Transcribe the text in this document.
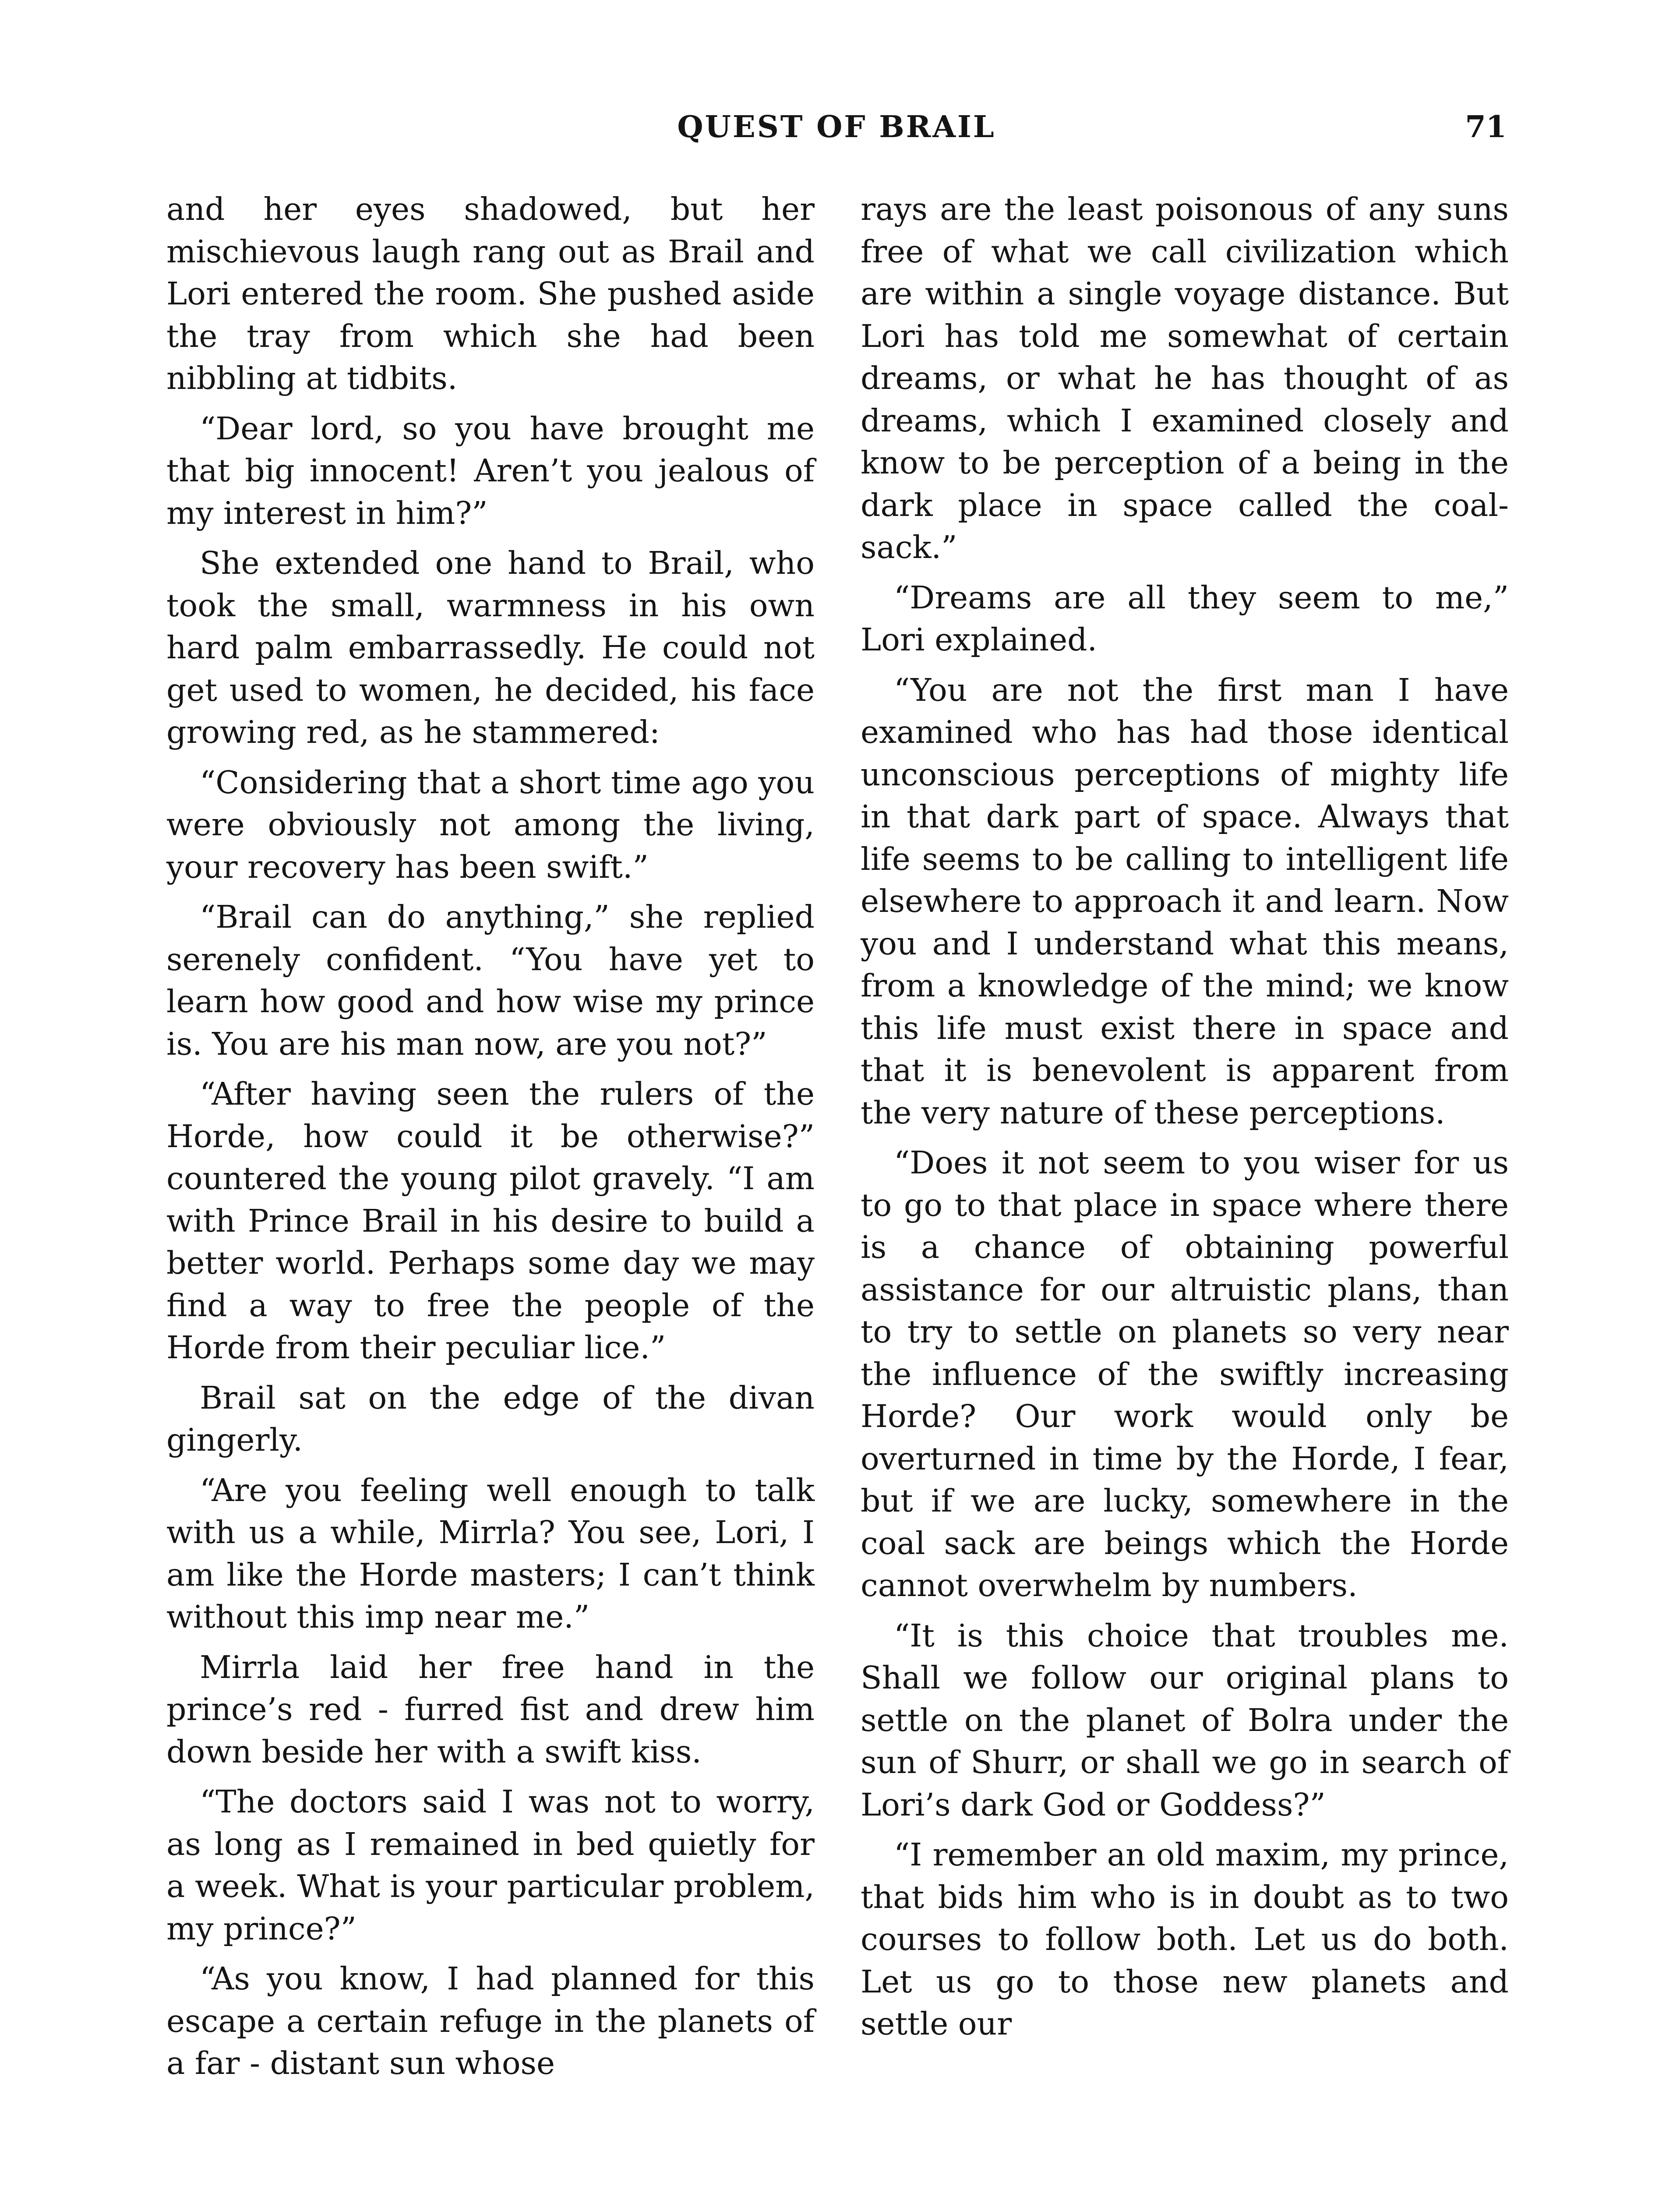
QUEST OF BRAIL	71

and her eyes shadowed, but her mischievous laugh rang out as Brail and Lori entered the room. She pushed aside the tray from which she had been nibbling at tidbits.

“Dear lord, so you have brought me that big innocent! Aren’t you jealous of my interest in him?”

She extended one hand to Brail, who took the small, warmness in his own hard palm embarrassedly. He could not get used to women, he decided, his face growing red, as he stammered:

“Considering that a short time ago you were obviously not among the living, your recovery has been swift.”

“Brail can do anything,” she replied serenely confident. “You have yet to learn how good and how wise my prince is. You are his man now, are you not?”

“After having seen the rulers of the Horde, how could it be otherwise?” countered the young pilot gravely. “I am with Prince Brail in his desire to build a better world. Perhaps some day we may find a way to free the people of the Horde from their peculiar lice.”

Brail sat on the edge of the divan gingerly.

“Are you feeling well enough to talk with us a while, Mirrla? You see, Lori, I am like the Horde masters; I can’t think without this imp near me.”

Mirrla laid her free hand in the prince’s red - furred fist and drew him down beside her with a swift kiss.

“The doctors said I was not to worry, as long as I remained in bed quietly for a week. What is your particular problem, my prince?”

“As you know, I had planned for this escape a certain refuge in the planets of a far - distant sun whose

rays are the least poisonous of any suns free of what we call civilization which are within a single voyage distance. But Lori has told me somewhat of certain dreams, or what he has thought of as dreams, which I examined closely and know to be perception of a being in the dark place in space called the coal-sack.”

“Dreams are all they seem to me,” Lori explained.

“You are not the first man I have examined who has had those identical unconscious perceptions of mighty life in that dark part of space. Always that life seems to be calling to intelligent life elsewhere to approach it and learn. Now you and I understand what this means, from a knowledge of the mind; we know this life must exist there in space and that it is benevolent is apparent from the very nature of these perceptions.

“Does it not seem to you wiser for us to go to that place in space where there is a chance of obtaining powerful assistance for our altruistic plans, than to try to settle on planets so very near the influence of the swiftly increasing Horde? Our work would only be overturned in time by the Horde, I fear, but if we are lucky, somewhere in the coal sack are beings which the Horde cannot overwhelm by numbers.

“It is this choice that troubles me. Shall we follow our original plans to settle on the planet of Bolra under the sun of Shurr, or shall we go in search of Lori’s dark God or Goddess?”

“I remember an old maxim, my prince, that bids him who is in doubt as to two courses to follow both. Let us do both. Let us go to those new planets and settle our
